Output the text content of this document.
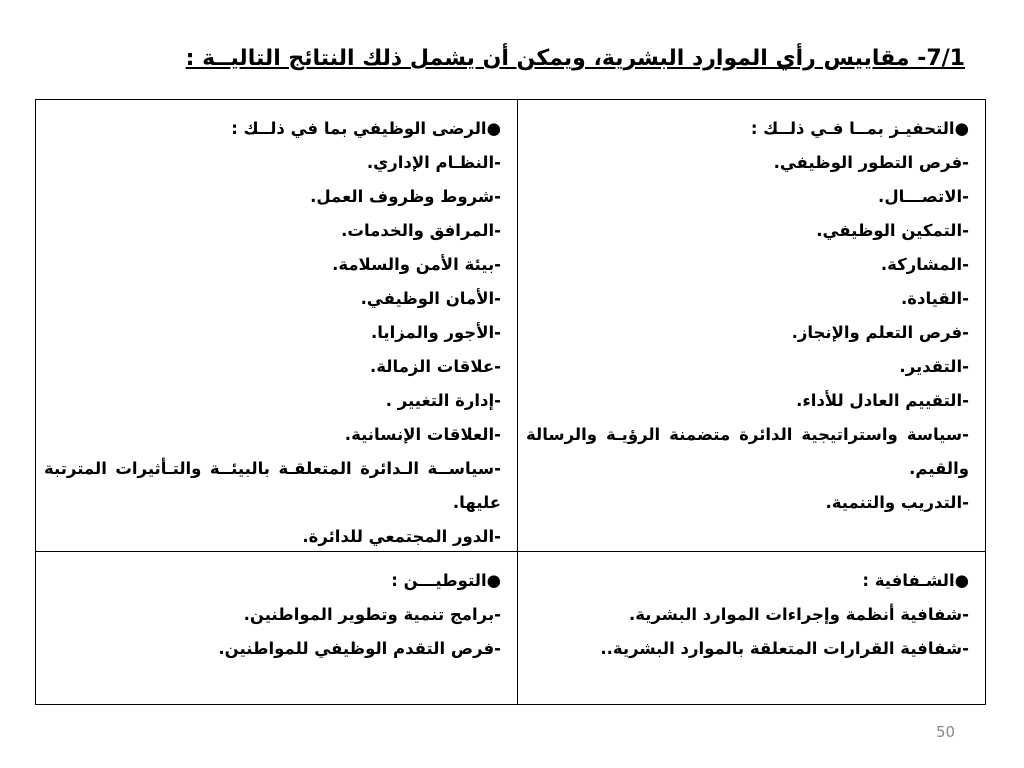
7/1- مقاييس رأي الموارد البشرية، ويمكن أن يشمل ذلك النتائج التاليــة :
●الرضى الوظيفي بما في ذلــك :
-النظـام الإداري.
-شروط وظروف العمل.
-المرافق والخدمات.
-بيئة الأمن والسلامة.
-الأمان الوظيفي.
-الأجور والمزايا.
-علاقات الزمالة.
-إدارة التغيير .
-العلاقات الإنسانية.
-سياســة الـدائرة المتعلقـة بالبيئــة والتـأثيرات المترتبة عليها.
-الدور المجتمعي للدائرة.
●التحفيـز بمــا فـي ذلــك :
-فرص التطور الوظيفي.
-الاتصـــال.
-التمكين الوظيفي.
-المشاركة.
-القيادة.
-فرص التعلم والإنجاز.
-التقدير.
-التقييم العادل للأداء.
-سياسة واستراتيجية الدائرة متضمنة الرؤيـة والرسالة والقيم.
-التدريب والتنمية.
●التوطيـــن :
-برامج تنمية وتطوير المواطنين.
-فرص التقدم الوظيفي للمواطنين.
●الشـفافية :
-شفافية أنظمة وإجراءات الموارد البشرية.
-شفافية القرارات المتعلقة بالموارد البشرية..
50
